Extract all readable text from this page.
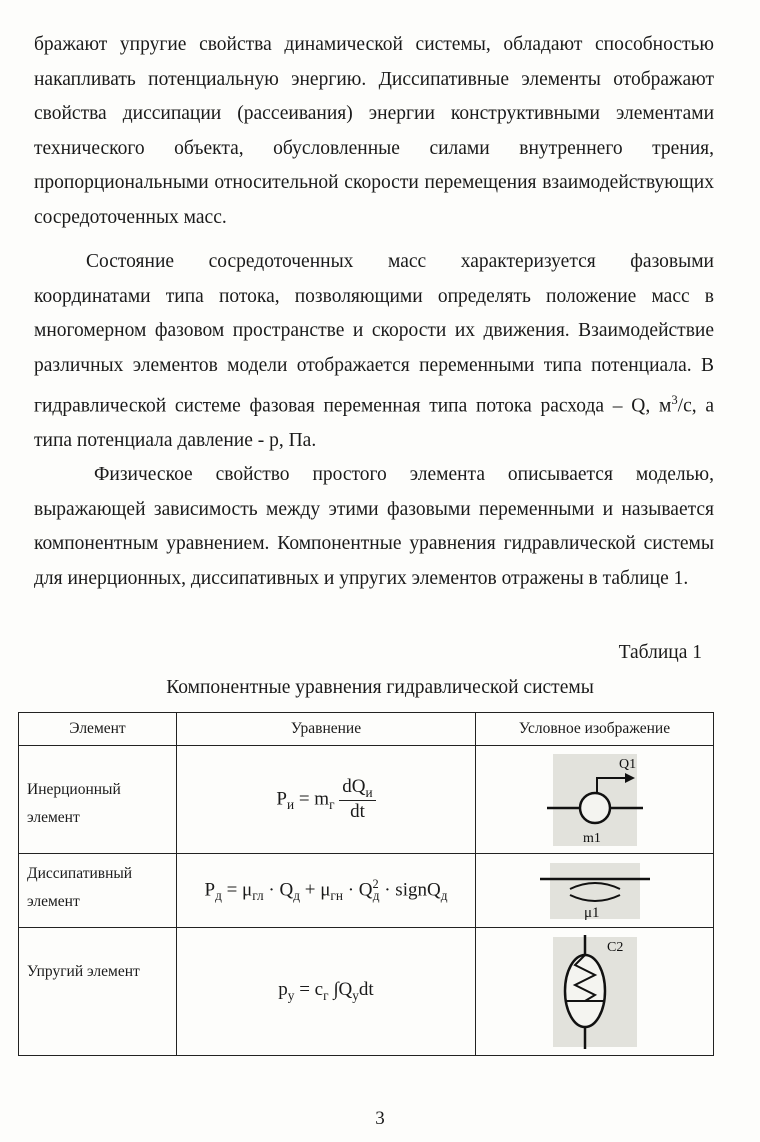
бражают упругие свойства динамической системы, обладают способностью накапливать потенциальную энергию. Диссипативные элементы отображают свойства диссипации (рассеивания) энергии конструктивными элементами технического объекта, обусловленные силами внутреннего трения, пропорциональными относительной скорости перемещения взаимодействующих сосредоточенных масс.

Состояние сосредоточенных масс характеризуется фазовыми координатами типа потока, позволяющими определять положение масс в многомерном фазовом пространстве и скорости их движения. Взаимодействие различных элементов модели отображается переменными типа потенциала. В гидравлической системе фазовая переменная типа потока расхода – Q, $м^3/с$, а типа потенциала давление - p, Па.

Физическое свойство простого элемента описывается моделью, выражающей зависимость между этими фазовыми переменными и называется компонентным уравнением. Компонентные уравнения гидравлической системы для инерционных, диссипативных и упругих элементов отражены в таблице 1.

Таблица 1
Компонентные уравнения гидравлической системы
Элемент	Уравнение	Условное изображение

Инерционный элемент	$P_и = m_г \frac{dQ_и}{dt}$	Q1
m1

Диссипативный элемент	$P_д = \mu_{гл} \cdot Q_д + \mu_{гн} \cdot Q^2_д$ · signQ$_д$	μ1

Упругий элемент	$p_у = c_г$ $\int Q_уdt$	C2
3
